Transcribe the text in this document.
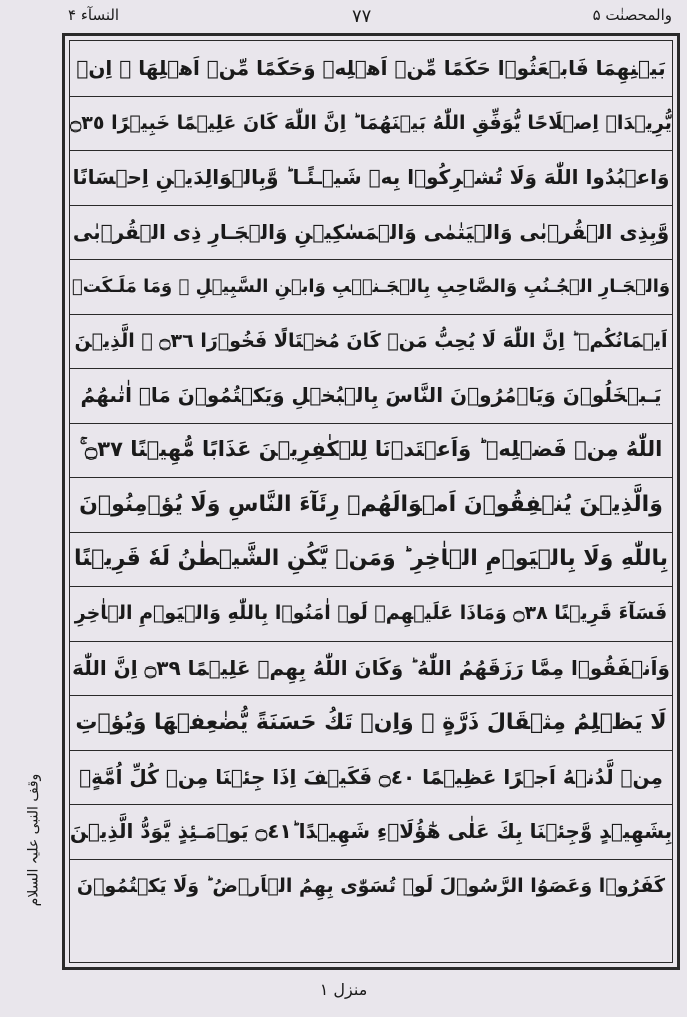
النسآء ۴	۷۷	والمحصنٰت ۵
بَيۡنِهِمَا فَابۡعَثُوۡا حَكَمًا مِّنۡ اَهۡلِهٖ وَحَكَمًا مِّنۡ اَهۡلِهَا ۚ اِنۡ
يُّرِيۡدَاۤ اِصۡلَاحًا يُّوَفِّقِ اللّٰهُ بَيۡنَهُمَا ؕ اِنَّ اللّٰهَ كَانَ عَلِيۡمًا خَبِيۡرًا ۝٣٥
وَاعۡبُدُوا اللّٰهَ وَلَا تُشۡرِكُوۡا بِهٖ شَيۡـئًـا ‌ؕ وَّبِالۡوَالِدَيۡنِ اِحۡسَانًا
وَّبِذِى الۡقُرۡبٰى وَالۡيَتٰمٰى وَالۡمَسٰكِيۡنِ وَالۡجَـارِ ذِى الۡقُرۡبٰى
وَالۡجَـارِ الۡجُـنُبِ وَالصَّاحِبِ بِالۡجَـنۡۢبِ وَابۡنِ السَّبِيۡلِ ۙ وَمَا مَلَـكَتۡ
اَيۡمَانُكُمۡ‌ ؕ اِنَّ اللّٰهَ لَا يُحِبُّ مَنۡ كَانَ مُخۡتَالًا فَخُوۡرَا ۝٣٦ ۙ الَّذِيۡنَ
يَـبۡخَلُوۡنَ وَيَاۡمُرُوۡنَ النَّاسَ بِالۡبُخۡلِ وَيَكۡتُمُوۡنَ مَاۤ اٰتٰٮهُمُ
اللّٰهُ مِنۡ فَضۡلِهٖ‌ ؕ وَاَعۡتَدۡنَا لِلۡكٰفِرِيۡنَ عَذَابًا مُّهِيۡنًا ۝٣٧ ۚ
وَالَّذِيۡنَ يُنۡفِقُوۡنَ اَمۡوَالَهُمۡ رِئَآءَ النَّاسِ وَلَا يُؤۡمِنُوۡنَ
بِاللّٰهِ وَلَا بِالۡيَوۡمِ الۡاٰخِرِ‌ ؕ وَمَنۡ يَّكُنِ الشَّيۡطٰنُ لَهٗ قَرِيۡنًا
فَسَآءَ قَرِيۡنًا ۝٣٨ وَمَاذَا عَلَيۡهِمۡ لَوۡ اٰمَنُوۡا بِاللّٰهِ وَالۡيَوۡمِ الۡاٰخِرِ
وَاَنۡفَقُوۡا مِمَّا رَزَقَهُمُ اللّٰهُ‌ ؕ وَكَانَ اللّٰهُ بِهِمۡ عَلِيۡمًا ۝٣٩ اِنَّ اللّٰهَ
لَا يَظۡلِمُ مِثۡقَالَ ذَرَّةٍ‌ ۚ وَاِنۡ تَكُ حَسَنَةً يُّضٰعِفۡهَا وَيُؤۡتِ
مِنۡ لَّدُنۡهُ اَجۡرًا عَظِيۡمًا ۝٤٠ فَكَيۡفَ اِذَا جِئۡنَا مِنۡ كُلِّ اُمَّةٍۢ
بِشَهِيۡدٍ وَّجِئۡنَا بِكَ عَلٰى هٰٓؤُلَاۤءِ شَهِيۡدًا ۝٤١ؕ يَوۡمَـئِذٍ يَّوَدُّ الَّذِيۡنَ
كَفَرُوۡا وَعَصَوُا الرَّسُوۡلَ لَوۡ تُسَوّٰى بِهِمُ الۡاَرۡضُ ؕ وَلَا يَكۡتُمُوۡنَ
وقف النبی علیہ السلام
منزل ۱
